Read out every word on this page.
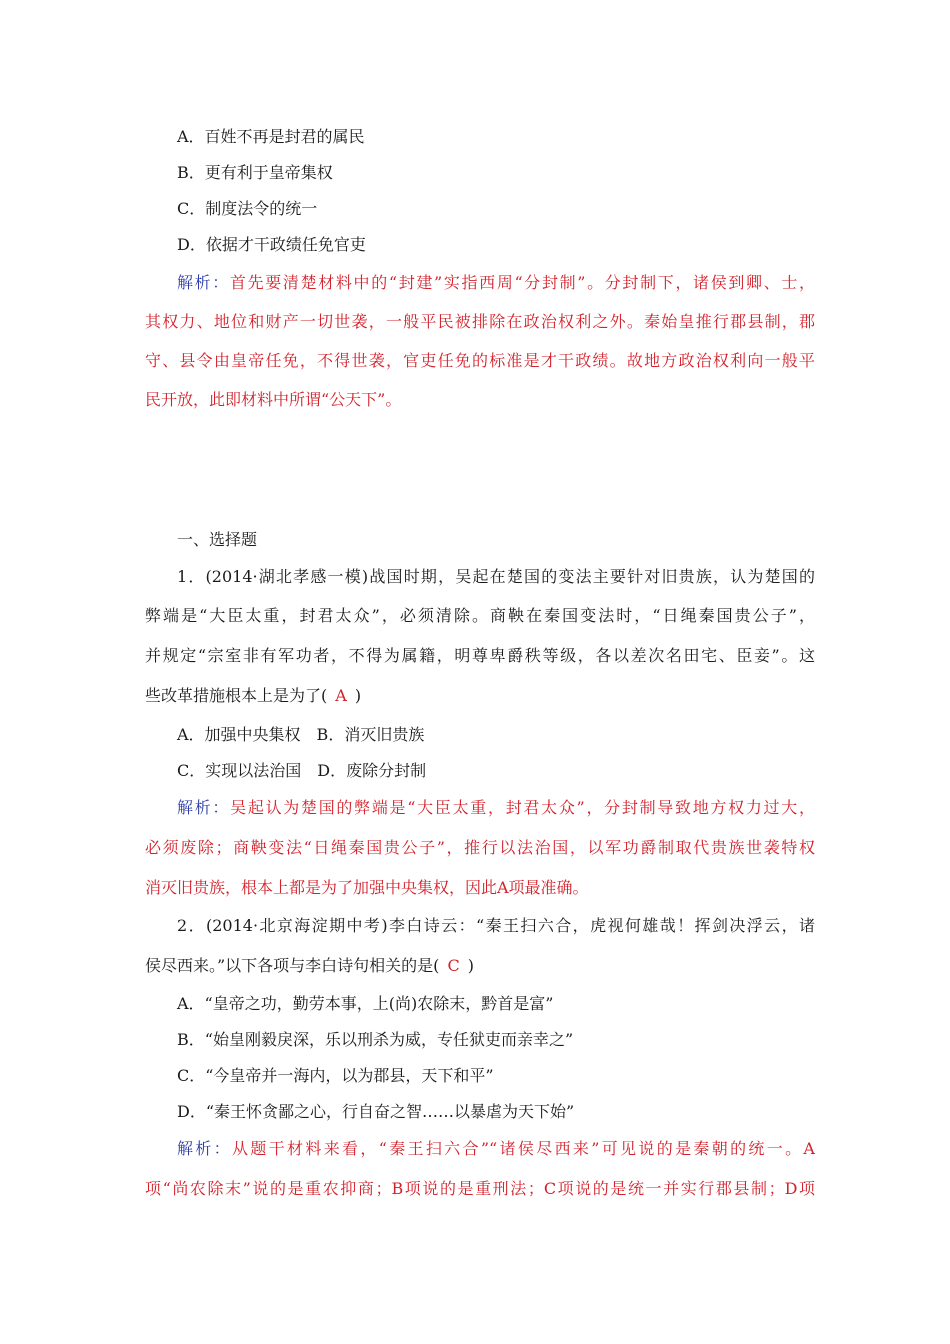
A．百姓不再是封君的属民
B．更有利于皇帝集权
C．制度法令的统一
D．依据才干政绩任免官吏
解析：首先要清楚材料中的“封建”实指西周“分封制”。分封制下，诸侯到卿、士，
其权力、地位和财产一切世袭，一般平民被排除在政治权利之外。秦始皇推行郡县制，郡
守、县令由皇帝任免，不得世袭，官吏任免的标准是才干政绩。故地方政治权利向一般平
民开放，此即材料中所谓“公天下”。
一、选择题
1．(2014·湖北孝感一模)战国时期，吴起在楚国的变法主要针对旧贵族，认为楚国的
弊端是“大臣太重，封君太众”，必须清除。商鞅在秦国变法时，“日绳秦国贵公子”，
并规定“宗室非有军功者，不得为属籍，明尊卑爵秩等级，各以差次名田宅、臣妾”。这
些改革措施根本上是为了( A )
A．加强中央集权　B．消灭旧贵族
C．实现以法治国　D．废除分封制
解析：吴起认为楚国的弊端是“大臣太重，封君太众”，分封制导致地方权力过大，
必须废除；商鞅变法“日绳秦国贵公子”，推行以法治国，以军功爵制取代贵族世袭特权
消灭旧贵族，根本上都是为了加强中央集权，因此A项最准确。
2．(2014·北京海淀期中考)李白诗云：“秦王扫六合，虎视何雄哉！挥剑决浮云，诸
侯尽西来。”以下各项与李白诗句相关的是( C )
A．“皇帝之功，勤劳本事，上(尚)农除末，黔首是富”
B．“始皇刚毅戾深，乐以刑杀为威，专任狱吏而亲幸之”
C．“今皇帝并一海内，以为郡县，天下和平”
D．“秦王怀贪鄙之心，行自奋之智……以暴虐为天下始”
解析：从题干材料来看，“秦王扫六合”“诸侯尽西来”可见说的是秦朝的统一。A
项“尚农除末”说的是重农抑商；B项说的是重刑法；C项说的是统一并实行郡县制；D项
